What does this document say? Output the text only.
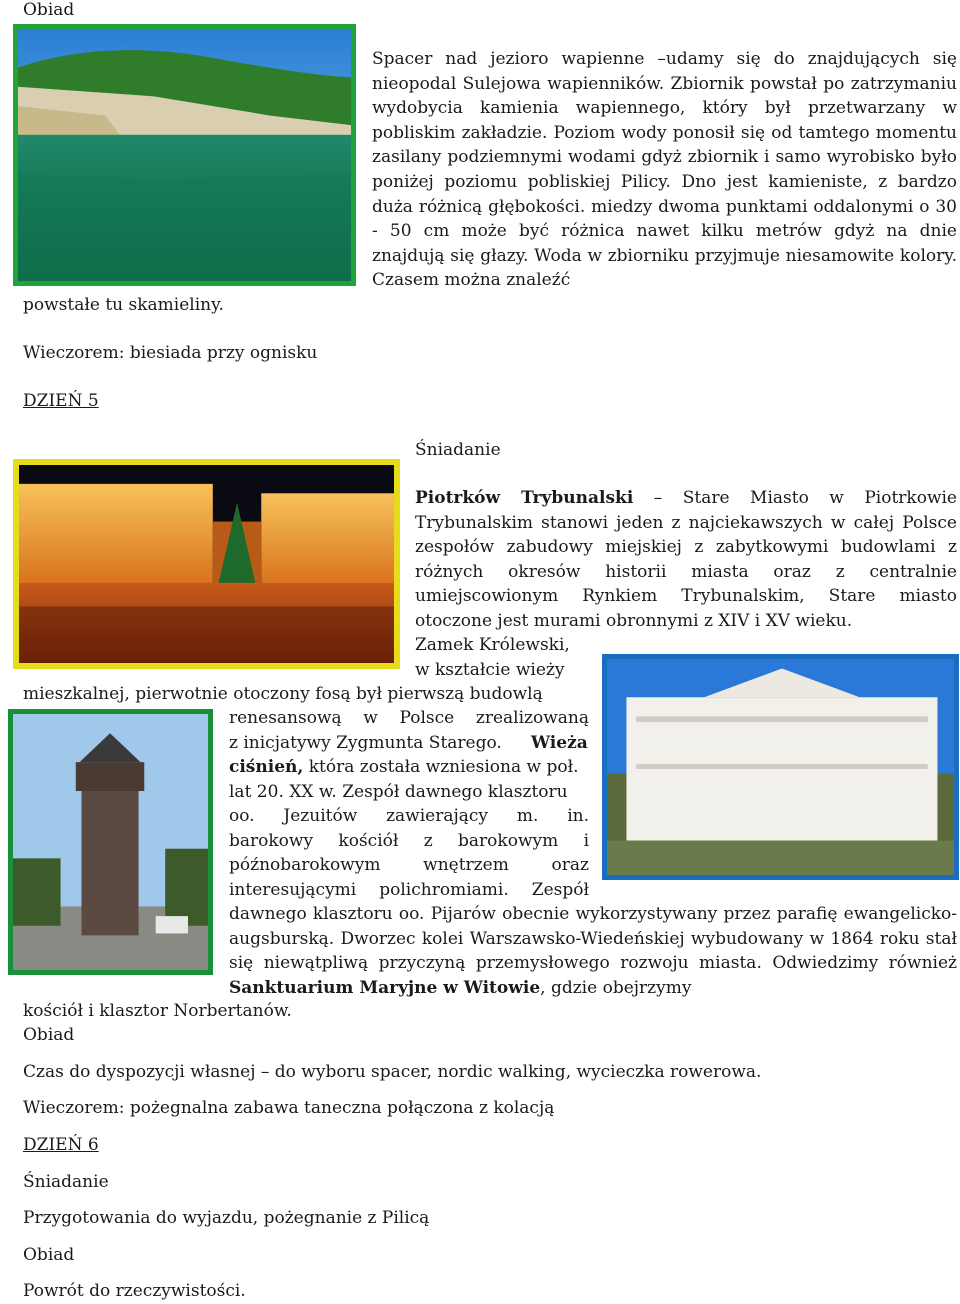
Obiad
Spacer nad jezioro wapienne –udamy się do znajdujących się nieopodal Sulejowa wapienników. Zbiornik powstał po zatrzymaniu wydobycia kamienia wapiennego, który był przetwarzany w pobliskim zakładzie. Poziom wody ponosił się od tamtego momentu zasilany podziemnymi wodami gdyż zbiornik i samo wyrobisko było poniżej poziomu pobliskiej Pilicy. Dno jest kamieniste, z bardzo duża różnicą głębokości. miedzy dwoma punktami oddalonymi o 30 - 50 cm może być różnica nawet kilku metrów gdyż na dnie znajdują się głazy. Woda w zbiorniku przyjmuje niesamowite kolory. Czasem można znaleźć
powstałe tu skamieliny.
Wieczorem: biesiada przy ognisku
DZIEŃ 5
Śniadanie
Piotrków Trybunalski – Stare Miasto w Piotrkowie Trybunalskim stanowi jeden z najciekawszych w całej Polsce zespołów zabudowy miejskiej z zabytkowymi budowlami z różnych okresów historii miasta oraz z centralnie umiejscowionym Rynkiem Trybunalskim, Stare miasto otoczone jest murami obronnymi z XIV i XV wieku.
Zamek Królewski,
w kształcie wieży
mieszkalnej, pierwotnie otoczony fosą był pierwszą budowlą
renesansową w Polsce zrealizowaną
z inicjatywy Zygmunta Starego. Wieża
ciśnień, która została wzniesiona w poł.
lat 20. XX w. Zespół dawnego klasztoru
oo. Jezuitów zawierający m. in.
barokowy kościół z barokowym i
późnobarokowym wnętrzem oraz
interesującymi polichromiami. Zespół
dawnego klasztoru oo. Pijarów obecnie wykorzystywany przez parafię ewangelicko-augsburską. Dworzec kolei Warszawsko-Wiedeńskiej wybudowany w 1864 roku stał się niewątpliwą przyczyną przemysłowego rozwoju miasta. Odwiedzimy również Sanktuarium Maryjne w Witowie, gdzie obejrzymy
kościół i klasztor Norbertanów.
Obiad
Czas do dyspozycji własnej – do wyboru spacer, nordic walking, wycieczka rowerowa.
Wieczorem: pożegnalna zabawa taneczna połączona z kolacją
DZIEŃ 6
Śniadanie
Przygotowania do wyjazdu, pożegnanie z Pilicą
Obiad
Powrót do rzeczywistości.
